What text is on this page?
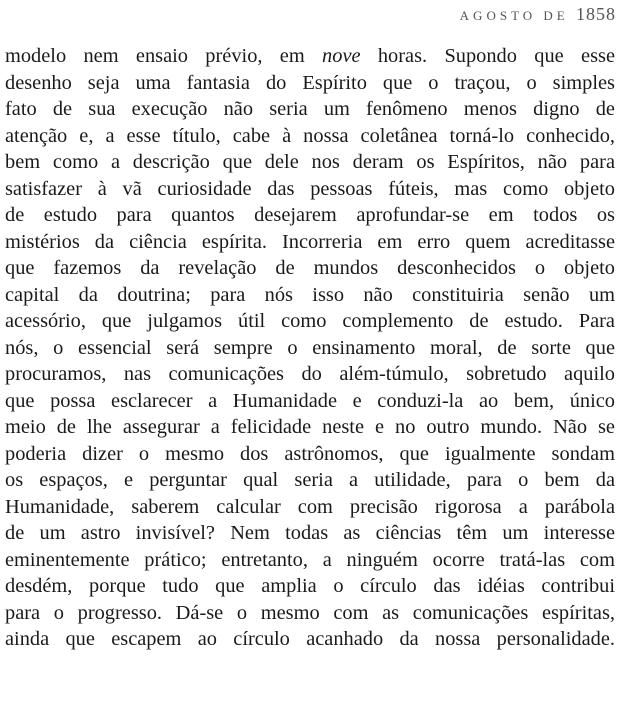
AGOSTO DE 1858
modelo nem ensaio prévio, em nove horas. Supondo que esse
desenho seja uma fantasia do Espírito que o traçou, o simples
fato de sua execução não seria um fenômeno menos digno de
atenção e, a esse título, cabe à nossa coletânea torná-lo conhecido,
bem como a descrição que dele nos deram os Espíritos, não para
satisfazer à vã curiosidade das pessoas fúteis, mas como objeto
de estudo para quantos desejarem aprofundar-se em todos os
mistérios da ciência espírita. Incorreria em erro quem acreditasse
que fazemos da revelação de mundos desconhecidos o objeto
capital da doutrina; para nós isso não constituiria senão um
acessório, que julgamos útil como complemento de estudo. Para
nós, o essencial será sempre o ensinamento moral, de sorte que
procuramos, nas comunicações do além-túmulo, sobretudo aquilo
que possa esclarecer a Humanidade e conduzi-la ao bem, único
meio de lhe assegurar a felicidade neste e no outro mundo. Não se
poderia dizer o mesmo dos astrônomos, que igualmente sondam
os espaços, e perguntar qual seria a utilidade, para o bem da
Humanidade, saberem calcular com precisão rigorosa a parábola
de um astro invisível? Nem todas as ciências têm um interesse
eminentemente prático; entretanto, a ninguém ocorre tratá-las com
desdém, porque tudo que amplia o círculo das idéias contribui
para o progresso. Dá-se o mesmo com as comunicações espíritas,
ainda que escapem ao círculo acanhado da nossa personalidade.
